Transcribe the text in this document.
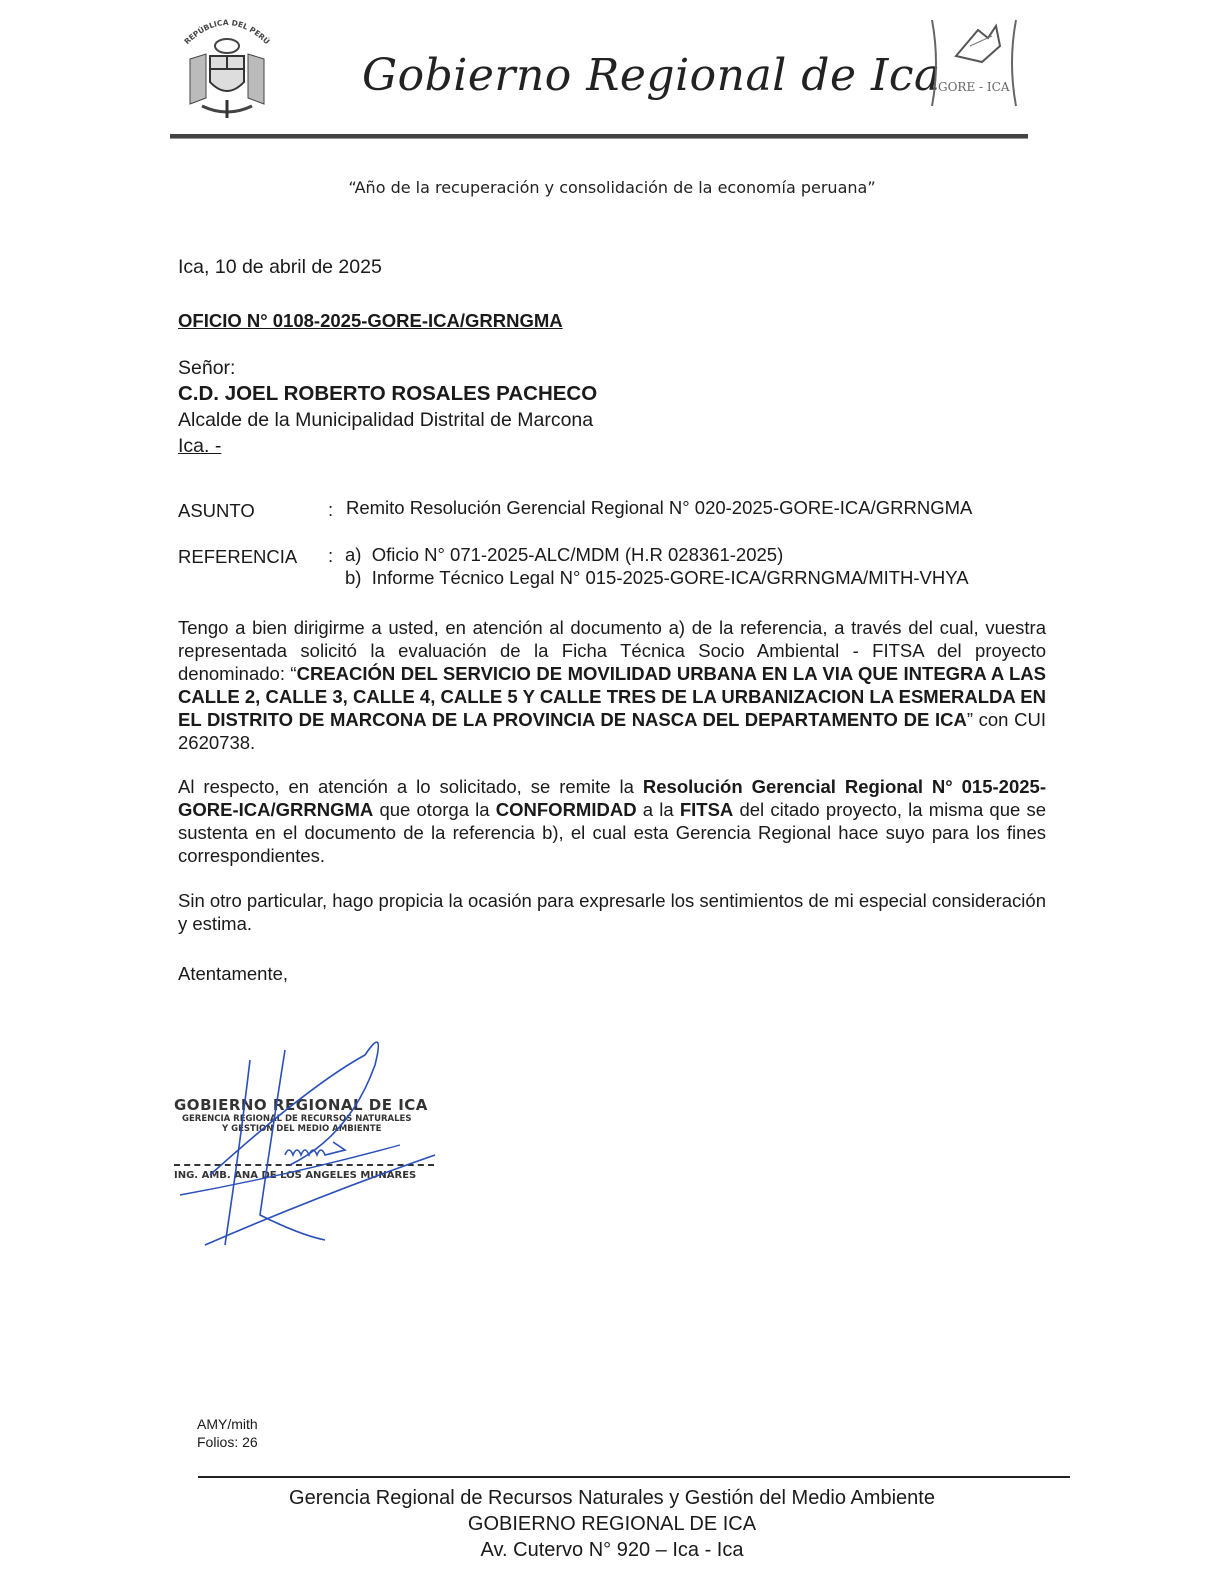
REPÚBLICA DEL PERÚ
Gobierno Regional de Ica
GORE - ICA
“Año de la recuperación y consolidación de la economía peruana”
Ica, 10 de abril de 2025
OFICIO N° 0108-2025-GORE-ICA/GRRNGMA
Señor:
C.D. JOEL ROBERTO ROSALES PACHECO
Alcalde de la Municipalidad Distrital de Marcona
Ica. -
ASUNTO	: Remito Resolución Gerencial Regional N° 020-2025-GORE-ICA/GRRNGMA
REFERENCIA : a) Oficio N° 071-2025-ALC/MDM (H.R 028361-2025)
b) Informe Técnico Legal N° 015-2025-GORE-ICA/GRRNGMA/MITH-VHYA
Tengo a bien dirigirme a usted, en atención al documento a) de la referencia, a través del cual, vuestra representada solicitó la evaluación de la Ficha Técnica Socio Ambiental - FITSA del proyecto denominado: “CREACIÓN DEL SERVICIO DE MOVILIDAD URBANA EN LA VIA QUE INTEGRA A LAS CALLE 2, CALLE 3, CALLE 4, CALLE 5 Y CALLE TRES DE LA URBANIZACION LA ESMERALDA EN EL DISTRITO DE MARCONA DE LA PROVINCIA DE NASCA DEL DEPARTAMENTO DE ICA” con CUI 2620738.
Al respecto, en atención a lo solicitado, se remite la Resolución Gerencial Regional N° 015-2025-GORE-ICA/GRRNGMA que otorga la CONFORMIDAD a la FITSA del citado proyecto, la misma que se sustenta en el documento de la referencia b), el cual esta Gerencia Regional hace suyo para los fines correspondientes.
Sin otro particular, hago propicia la ocasión para expresarle los sentimientos de mi especial consideración y estima.
Atentamente,
GOBIERNO REGIONAL DE ICA
GERENCIA REGIONAL DE RECURSOS NATURALES
Y GESTION DEL MEDIO AMBIENTE
ING. AMB. ANA DE LOS ANGELES MUNARES
AMY/mith
Folios: 26
Gerencia Regional de Recursos Naturales y Gestión del Medio Ambiente
GOBIERNO REGIONAL DE ICA
Av. Cutervo N° 920 – Ica - Ica
